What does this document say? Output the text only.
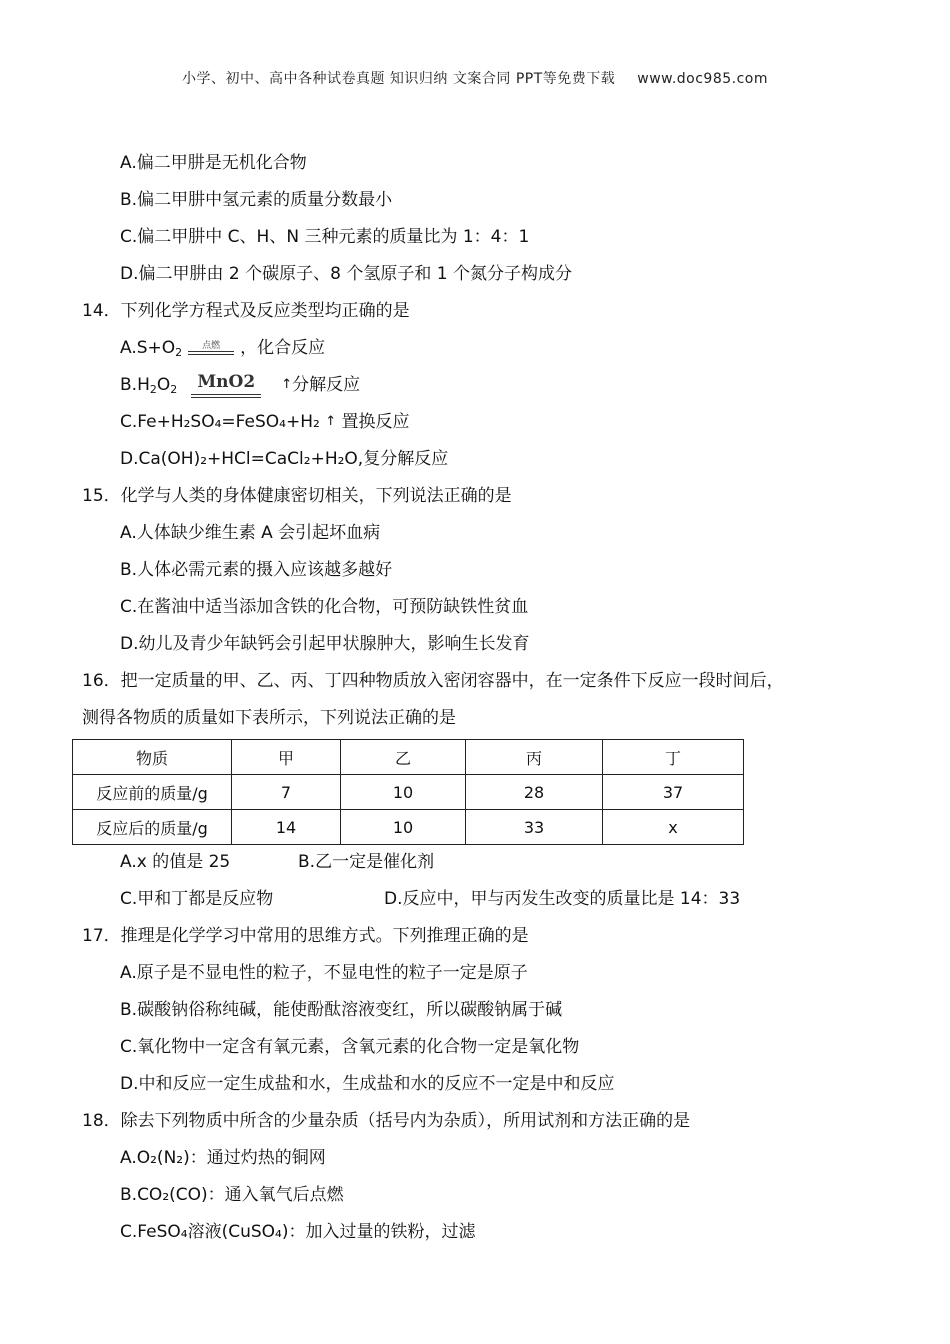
小学、初中、高中各种试卷真题 知识归纳 文案合同 PPT等免费下载 www.doc985.com
A.偏二甲肼是无机化合物
B.偏二甲肼中氢元素的质量分数最小
C.偏二甲肼中 C、H、N 三种元素的质量比为 1：4：1
D.偏二甲肼由 2 个碳原子、8 个氢原子和 1 个氮分子构成分
14．下列化学方程式及反应类型均正确的是
$A.S+O_2$	点燃	，化合反应
$B.H_2O_2$	MnO2	↑分解反应
C.Fe+H₂SO₄=FeSO₄+H₂ ↑ 置换反应
D.Ca(OH)₂+HCl=CaCl₂+H₂O,复分解反应
15．化学与人类的身体健康密切相关，下列说法正确的是
A.人体缺少维生素 A 会引起坏血病
B.人体必需元素的摄入应该越多越好
C.在酱油中适当添加含铁的化合物，可预防缺铁性贫血
D.幼儿及青少年缺钙会引起甲状腺肿大，影响生长发育
16．把一定质量的甲、乙、丙、丁四种物质放入密闭容器中，在一定条件下反应一段时间后，
测得各物质的质量如下表所示，下列说法正确的是
物质	甲	乙	丙	丁
反应前的质量/g	7	10	28	37
反应后的质量/g	14	10	33	x
A.x 的值是 25	B.乙一定是催化剂
C.甲和丁都是反应物	D.反应中，甲与丙发生改变的质量比是 14：33
17．推理是化学学习中常用的思维方式。下列推理正确的是
A.原子是不显电性的粒子，不显电性的粒子一定是原子
B.碳酸钠俗称纯碱，能使酚酞溶液变红，所以碳酸钠属于碱
C.氧化物中一定含有氧元素，含氧元素的化合物一定是氧化物
D.中和反应一定生成盐和水，生成盐和水的反应不一定是中和反应
18．除去下列物质中所含的少量杂质（括号内为杂质），所用试剂和方法正确的是
A.O₂(N₂)：通过灼热的铜网
B.CO₂(CO)：通入氧气后点燃
C.FeSO₄溶液(CuSO₄)：加入过量的铁粉，过滤
